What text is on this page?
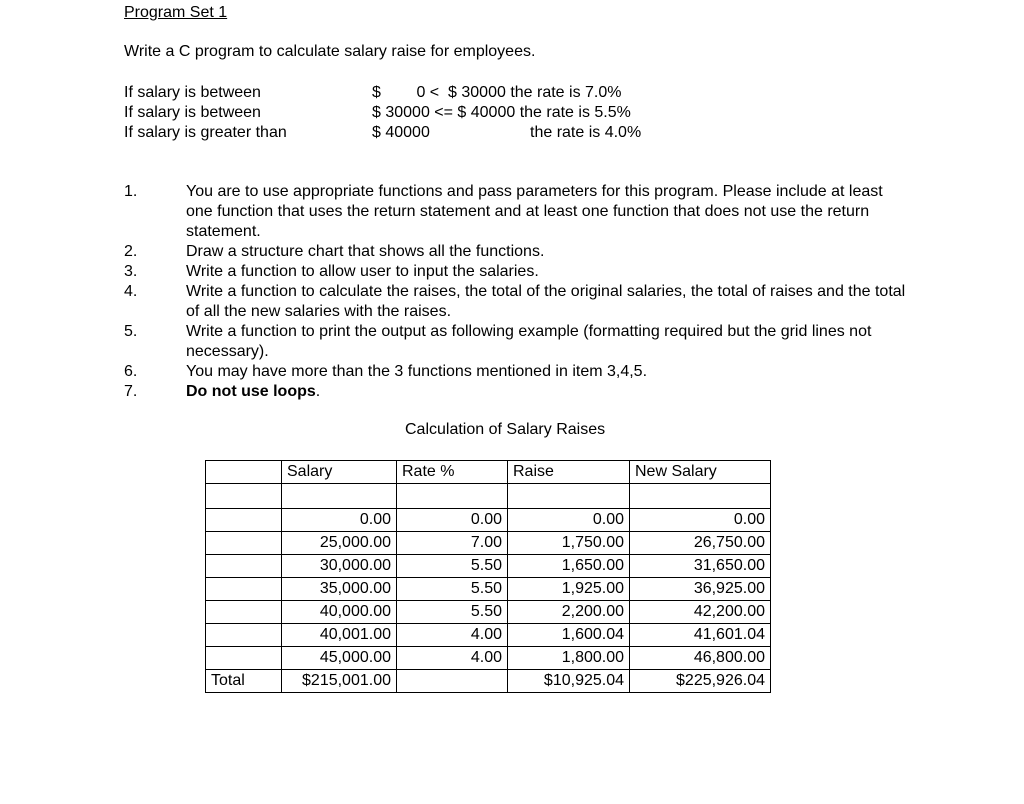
Program Set 1
Write a C program to calculate salary raise for employees.
If salary is between	$        0 <  $ 30000 the rate is 7.0%
If salary is between	$ 30000 <= $ 40000 the rate is 5.5%
If salary is greater than	$ 40000	the rate is 4.0%
1.	You are to use appropriate functions and pass parameters for this program. Please include at least one function that uses the return statement and at least one function that does not use the return statement.
2.	Draw a structure chart that shows all the functions.
3.	Write a function to allow user to input the salaries.
4.	Write a function to calculate the raises, the total of the original salaries, the total of raises and the total of all the new salaries with the raises.
5.	Write a function to print the output as following example (formatting required but the grid lines not necessary).
6.	You may have more than the 3 functions mentioned in item 3,4,5.
7.	Do not use loops.
Calculation of Salary Raises
	Salary	Rate %	Raise	New Salary

	0.00	0.00	0.00	0.00
	25,000.00	7.00	1,750.00	26,750.00
	30,000.00	5.50	1,650.00	31,650.00
	35,000.00	5.50	1,925.00	36,925.00
	40,000.00	5.50	2,200.00	42,200.00
	40,001.00	4.00	1,600.04	41,601.04
	45,000.00	4.00	1,800.00	46,800.00
Total	$215,001.00		$10,925.04	$225,926.04
